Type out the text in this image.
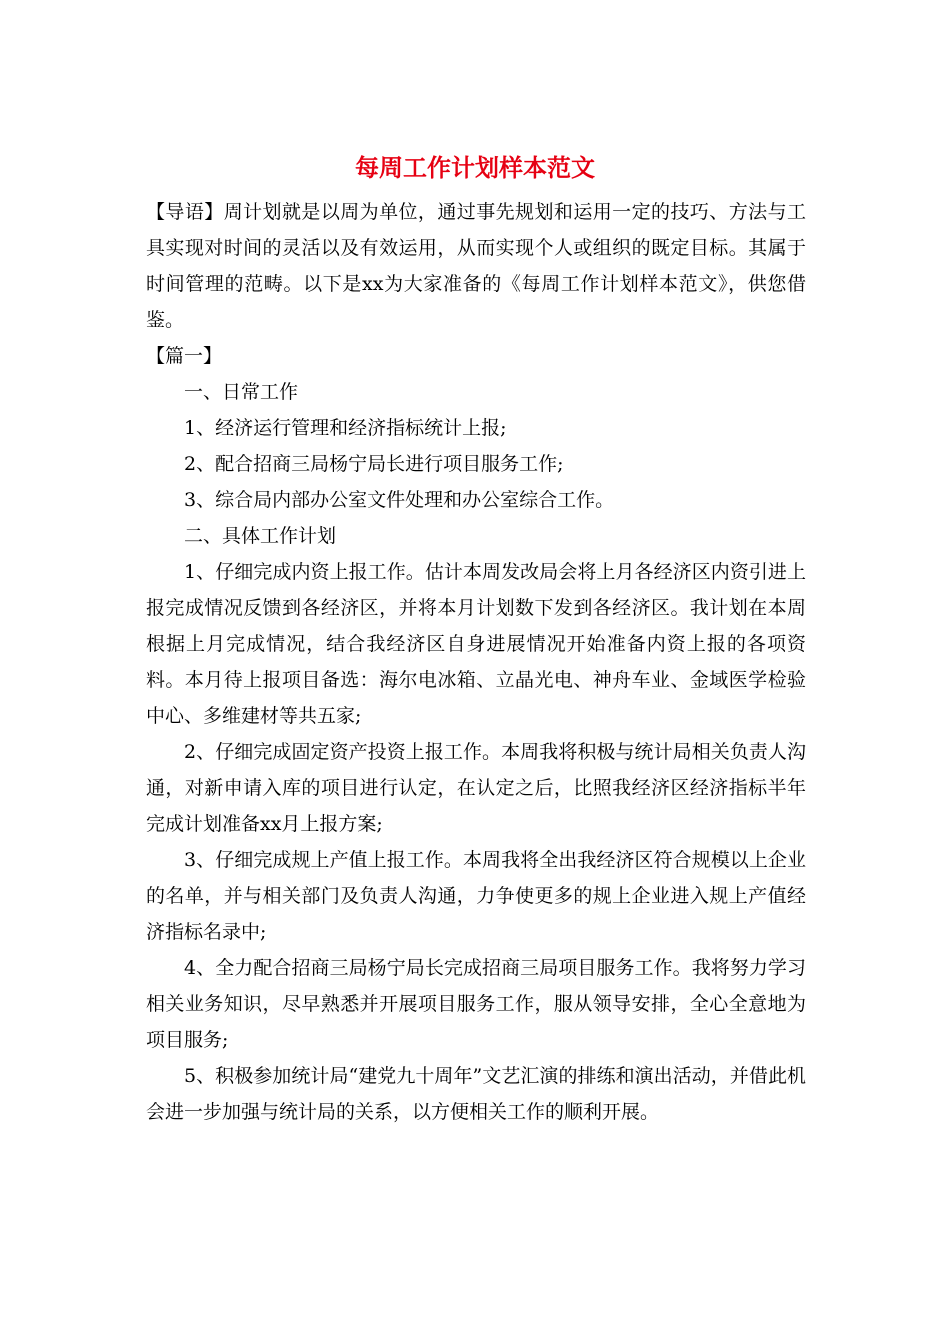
每周工作计划样本范文

【导语】周计划就是以周为单位，通过事先规划和运用一定的技巧、方法与工具实现对时间的灵活以及有效运用，从而实现个人或组织的既定目标。其属于时间管理的范畴。以下是xx为大家准备的《每周工作计划样本范文》，供您借鉴。

【篇一】

一、日常工作

1、经济运行管理和经济指标统计上报;

2、配合招商三局杨宁局长进行项目服务工作;

3、综合局内部办公室文件处理和办公室综合工作。

二、具体工作计划

1、仔细完成内资上报工作。估计本周发改局会将上月各经济区内资引进上报完成情况反馈到各经济区，并将本月计划数下发到各经济区。我计划在本周根据上月完成情况，结合我经济区自身进展情况开始准备内资上报的各项资料。本月待上报项目备选：海尔电冰箱、立晶光电、神舟车业、金域医学检验中心、多维建材等共五家;

2、仔细完成固定资产投资上报工作。本周我将积极与统计局相关负责人沟通，对新申请入库的项目进行认定，在认定之后，比照我经济区经济指标半年完成计划准备xx月上报方案;

3、仔细完成规上产值上报工作。本周我将全出我经济区符合规模以上企业的名单，并与相关部门及负责人沟通，力争使更多的规上企业进入规上产值经济指标名录中;

4、全力配合招商三局杨宁局长完成招商三局项目服务工作。我将努力学习相关业务知识，尽早熟悉并开展项目服务工作，服从领导安排，全心全意地为项目服务;

5、积极参加统计局“建党九十周年”文艺汇演的排练和演出活动，并借此机会进一步加强与统计局的关系，以方便相关工作的顺利开展。
